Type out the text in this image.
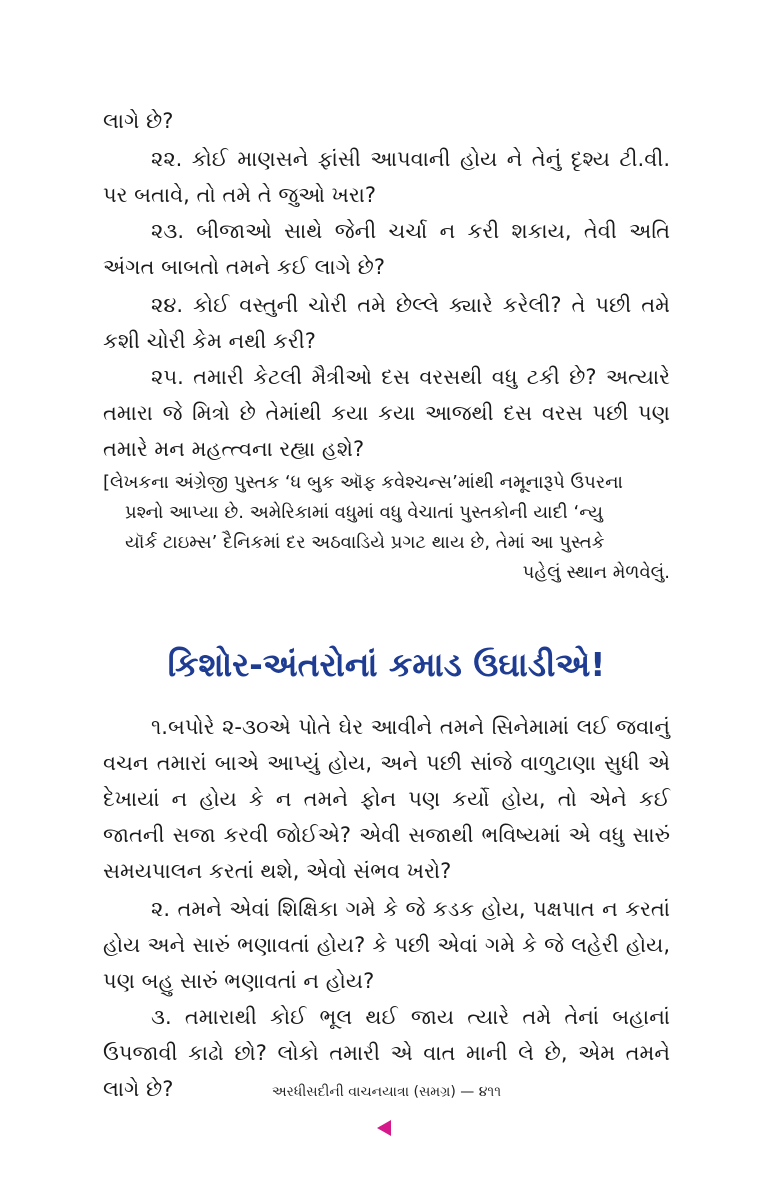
લાગે છે?

૨૨. કોઈ માણસને ફાંસી આપવાની હોય ને તેનું દૃશ્ય ટી.વી. પર બતાવે, તો તમે તે જુઓ ખરા?

૨૩. બીજાઓ સાથે જેની ચર્ચા ન કરી શકાય, તેવી અતિ અંગત બાબતો તમને કઈ લાગે છે?

૨૪. કોઈ વસ્તુની ચોરી તમે છેલ્લે ક્યારે કરેલી? તે પછી તમે કશી ચોરી કેમ નથી કરી?

૨૫. તમારી કેટલી મૈત્રીઓ દસ વરસથી વધુ ટકી છે? અત્યારે તમારા જે મિત્રો છે તેમાંથી કયા કયા આજથી દસ વરસ પછી પણ તમારે મન મહત્ત્વના રહ્યા હશે?

[લેખકના અંગ્રેજી પુસ્તક ‘ધ બુક ઑફ કવેશ્ચન્સ’માંથી નમૂનારૂપે ઉપરના
પ્રશ્નો આપ્યા છે. અમેરિકામાં વધુમાં વધુ વેચાતાં પુસ્તકોની યાદી ‘ન્યુ
યૉર્ક ટાઇમ્સ’ દૈનિકમાં દર અઠવાડિયે પ્રગટ થાય છે, તેમાં આ પુસ્તકે
પહેલું સ્થાન મેળવેલું.
કિશોર-અંતરોનાં કમાડ ઉઘાડીએ!

૧.બપોરે ૨-૩૦એ પોતે ઘેર આવીને તમને સિનેમામાં લઈ જવાનું વચન તમારાં બાએ આપ્યું હોય, અને પછી સાંજે વાળુટાણા સુધી એ દેખાયાં ન હોય કે ન તમને ફોન પણ કર્યો હોય, તો એને કઈ જાતની સજા કરવી જોઈએ? એવી સજાથી ભવિષ્યમાં એ વધુ સારું સમયપાલન કરતાં થશે, એવો સંભવ ખરો?

૨. તમને એવાં શિક્ષિકા ગમે કે જે કડક હોય, પક્ષપાત ન કરતાં હોય અને સારું ભણાવતાં હોય? કે પછી એવાં ગમે કે જે લહેરી હોય, પણ બહુ સારું ભણાવતાં ન હોય?

૩. તમારાથી કોઈ ભૂલ થઈ જાય ત્યારે તમે તેનાં બહાનાં ઉપજાવી કાઢો છો? લોકો તમારી એ વાત માની લે છે, એમ તમને લાગે છે?	અરધીસદીની વાચનયાત્રા (સમગ્ર) — ૪૧૧
